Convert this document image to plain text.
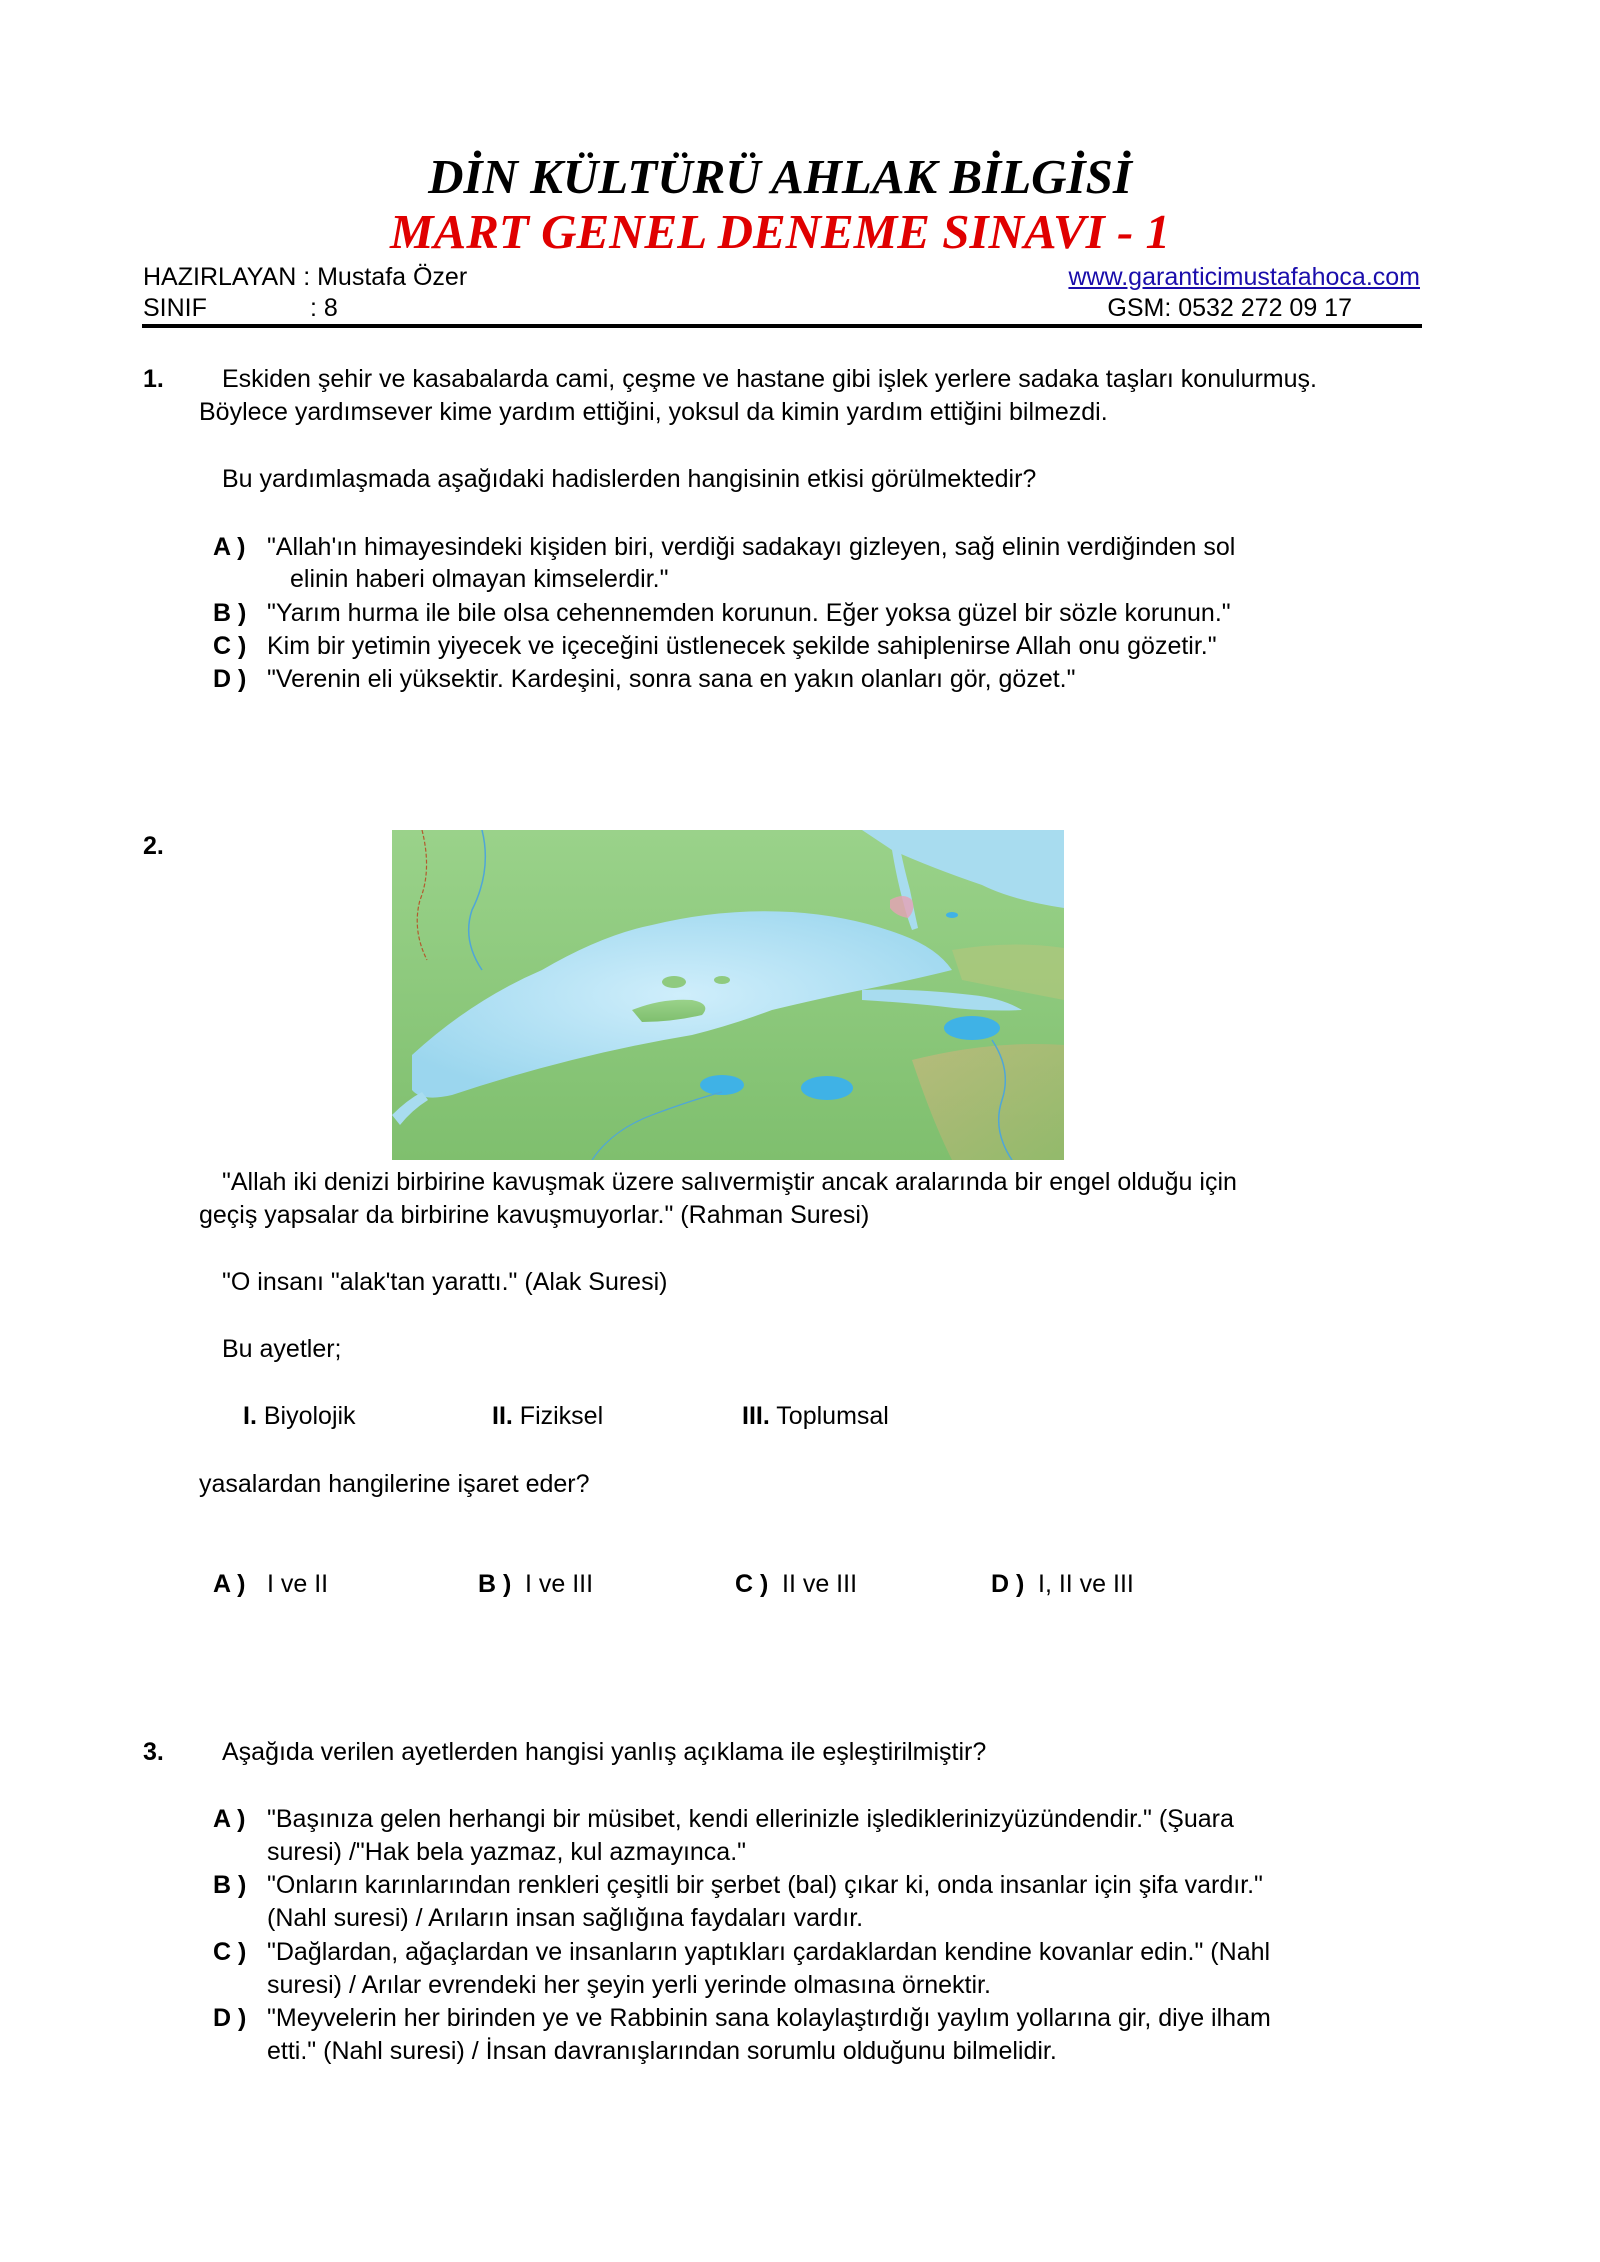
DİN KÜLTÜRÜ AHLAK BİLGİSİ
MART GENEL DENEME SINAVI - 1
HAZIRLAYAN : Mustafa Özer	www.garanticimustafahoca.com
SINIF	: 8	GSM: 0532 272 09 17
1. Eskiden şehir ve kasabalarda cami, çeşme ve hastane gibi işlek yerlere sadaka taşları konulurmuş.
Böylece yardımsever kime yardım ettiğini, yoksul da kimin yardım ettiğini bilmezdi.
Bu yardımlaşmada aşağıdaki hadislerden hangisinin etkisi görülmektedir?
A ) "Allah'ın himayesindeki kişiden biri, verdiği sadakayı gizleyen, sağ elinin verdiğinden sol
elinin haberi olmayan kimselerdir."
B ) "Yarım hurma ile bile olsa cehennemden korunun. Eğer yoksa güzel bir sözle korunun."
C ) Kim bir yetimin yiyecek ve içeceğini üstlenecek şekilde sahiplenirse Allah onu gözetir."
D ) "Verenin eli yüksektir. Kardeşini, sonra sana en yakın olanları gör, gözet."
2.
"Allah iki denizi birbirine kavuşmak üzere salıvermiştir ancak aralarında bir engel olduğu için
geçiş yapsalar da birbirine kavuşmuyorlar." (Rahman Suresi)
"O insanı "alak'tan yarattı." (Alak Suresi)
Bu ayetler;
I. Biyolojik	II. Fiziksel	III. Toplumsal
yasalardan hangilerine işaret eder?
A ) I ve II	B ) I ve III	C ) II ve III	D ) I, II ve III
3. Aşağıda verilen ayetlerden hangisi yanlış açıklama ile eşleştirilmiştir?
A ) "Başınıza gelen herhangi bir müsibet, kendi ellerinizle işlediklerinizyüzündendir." (Şuara
suresi) /"Hak bela yazmaz, kul azmayınca."
B ) "Onların karınlarından renkleri çeşitli bir şerbet (bal) çıkar ki, onda insanlar için şifa vardır."
(Nahl suresi) / Arıların insan sağlığına faydaları vardır.
C ) "Dağlardan, ağaçlardan ve insanların yaptıkları çardaklardan kendine kovanlar edin." (Nahl
suresi) / Arılar evrendeki her şeyin yerli yerinde olmasına örnektir.
D ) "Meyvelerin her birinden ye ve Rabbinin sana kolaylaştırdığı yaylım yollarına gir, diye ilham
etti." (Nahl suresi) / İnsan davranışlarından sorumlu olduğunu bilmelidir.
